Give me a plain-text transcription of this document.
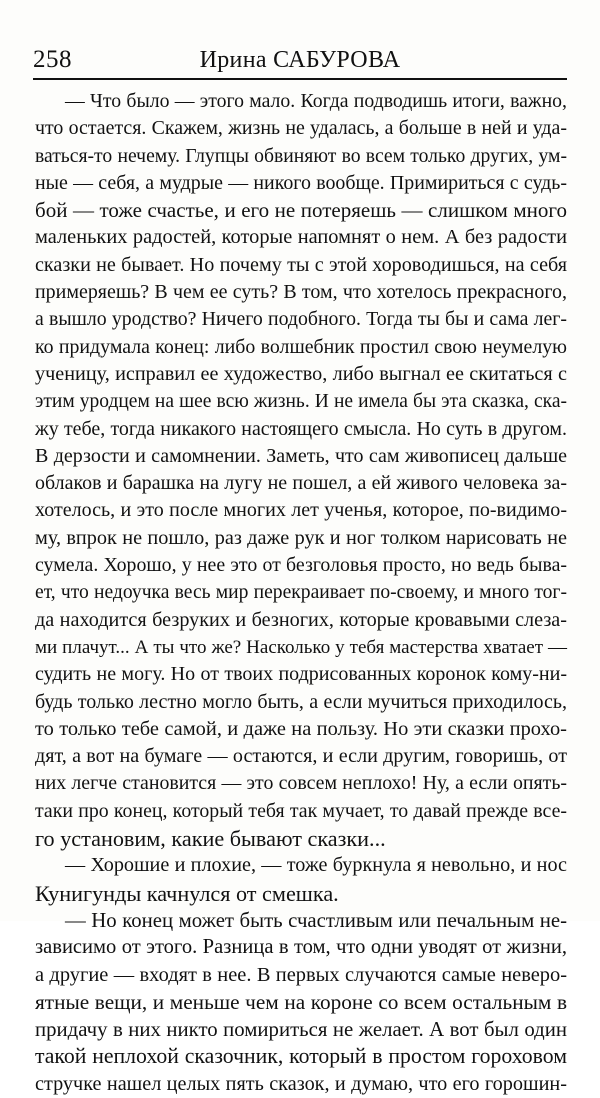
258	Ирина САБУРОВА
— Что было — этого мало. Когда подводишь итоги, важно,
что остается. Скажем, жизнь не удалась, а больше в ней и уда-
ваться-то нечему. Глупцы обвиняют во всем только других, ум-
ные — себя, а мудрые — никого вообще. Примириться с судь-
бой — тоже счастье, и его не потеряешь — слишком много
маленьких радостей, которые напомнят о нем. А без радости
сказки не бывает. Но почему ты с этой хороводишься, на себя
примеряешь? В чем ее суть? В том, что хотелось прекрасного,
а вышло уродство? Ничего подобного. Тогда ты бы и сама лег-
ко придумала конец: либо волшебник простил свою неумелую
ученицу, исправил ее художество, либо выгнал ее скитаться с
этим уродцем на шее всю жизнь. И не имела бы эта сказка, ска-
жу тебе, тогда никакого настоящего смысла. Но суть в другом.
В дерзости и самомнении. Заметь, что сам живописец дальше
облаков и барашка на лугу не пошел, а ей живого человека за-
хотелось, и это после многих лет ученья, которое, по-видимо-
му, впрок не пошло, раз даже рук и ног толком нарисовать не
сумела. Хорошо, у нее это от безголовья просто, но ведь быва-
ет, что недоучка весь мир перекраивает по-своему, и много тог-
да находится безруких и безногих, которые кровавыми слеза-
ми плачут... А ты что же? Насколько у тебя мастерства хватает —
судить не могу. Но от твоих подрисованных коронок кому-ни-
будь только лестно могло быть, а если мучиться приходилось,
то только тебе самой, и даже на пользу. Но эти сказки прохо-
дят, а вот на бумаге — остаются, и если другим, говоришь, от
них легче становится — это совсем неплохо! Ну, а если опять-
таки про конец, который тебя так мучает, то давай прежде все-
го установим, какие бывают сказки...
— Хорошие и плохие, — тоже буркнула я невольно, и нос
Кунигунды качнулся от смешка.
— Но конец может быть счастливым или печальным не-
зависимо от этого. Разница в том, что одни уводят от жизни,
а другие — входят в нее. В первых случаются самые неверо-
ятные вещи, и меньше чем на короне со всем остальным в
придачу в них никто помириться не желает. А вот был один
такой неплохой сказочник, который в простом гороховом
стручке нашел целых пять сказок, и думаю, что его горошин-
